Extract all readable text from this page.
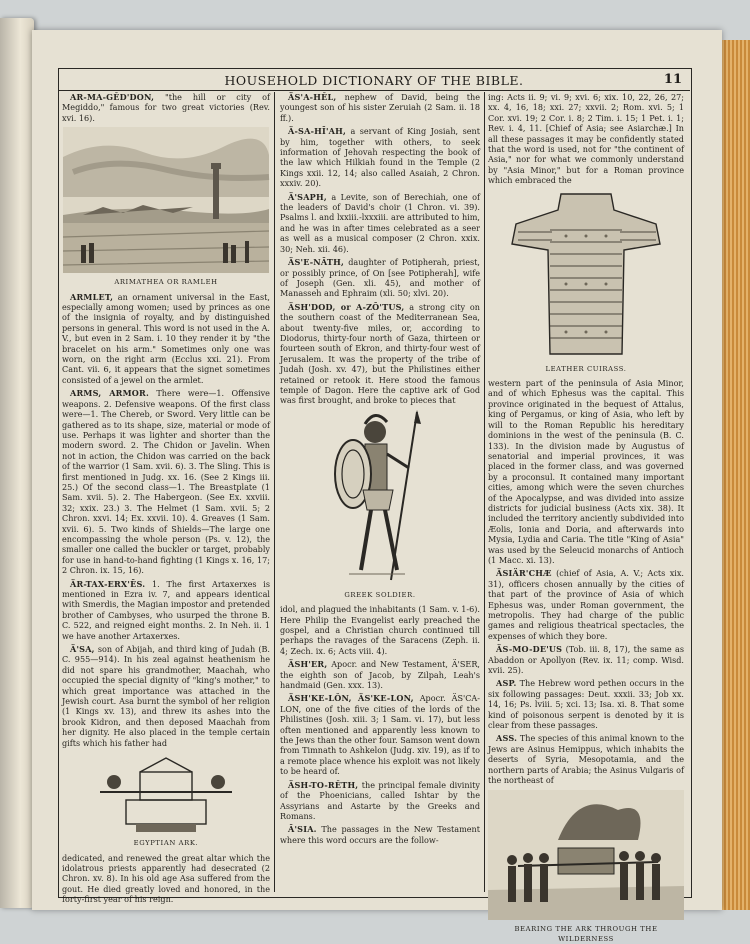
HOUSEHOLD DICTIONARY OF THE BIBLE.	11

AR-MA-GĔD'DON, "the hill or city of Megiddo," famous for two great victories (Rev. xvi. 16).

ARIMATHEA OR RAMLEH

ARMLET, an ornament universal in the East, especially among women; used by princes as one of the insignia of royalty, and by distinguished persons in general. This word is not used in the A. V., but even in 2 Sam. i. 10 they render it by "the bracelet on his arm." Sometimes only one was worn, on the right arm (Ecclus xxi. 21). From Cant. vii. 6, it appears that the signet sometimes consisted of a jewel on the armlet.

ARMS, ARMOR. There were—1. Offensive weapons. 2. Defensive weapons. Of the first class were—1. The Chereb, or Sword. Very little can be gathered as to its shape, size, material or mode of use. Perhaps it was lighter and shorter than the modern sword. 2. The Chidon or Javelin. When not in action, the Chidon was carried on the back of the warrior (1 Sam. xvii. 6). 3. The Sling. This is first mentioned in Judg. xx. 16. (See 2 Kings iii. 25.) Of the second class—1. The Breastplate (1 Sam. xvii. 5). 2. The Habergeon. (See Ex. xxviii. 32; xxix. 23.) 3. The Helmet (1 Sam. xvii. 5; 2 Chron. xxvi. 14; Ex. xxvii. 10). 4. Greaves (1 Sam. xvii. 6). 5. Two kinds of Shields—The large one encompassing the whole person (Ps. v. 12), the smaller one called the buckler or target, probably for use in hand-to-hand fighting (1 Kings x. 16, 17; 2 Chron. ix. 15, 16).

ÄR-TAX-ERX'ĒS. 1. The first Artaxerxes is mentioned in Ezra iv. 7, and appears identical with Smerdis, the Magian impostor and pretended brother of Cambyses, who usurped the throne B. C. 522, and reigned eight months. 2. In Neh. ii. 1 we have another Artaxerxes.

Ä'SA, son of Abijah, and third king of Judah (B. C. 955—914). In his zeal against heathenism he did not spare his grandmother, Maachah, who occupied the special dignity of "king's mother," to which great importance was attached in the Jewish court. Asa burnt the symbol of her religion (1 Kings xv. 13), and threw its ashes into the brook Kidron, and then deposed Maachah from her dignity. He also placed in the temple certain gifts which his father had

EGYPTIAN ARK.

dedicated, and renewed the great altar which the idolatrous priests apparently had desecrated (2 Chron. xv. 8). In his old age Asa suffered from the gout. He died greatly loved and honored, in the forty-first year of his reign.

ÄS'A-HĔL, nephew of David, being the youngest son of his sister Zeruiah (2 Sam. ii. 18 ff.).

Ä-SA-HĪ'AH, a servant of King Josiah, sent by him, together with others, to seek information of Jehovah respecting the book of the law which Hilkiah found in the Temple (2 Kings xxii. 12, 14; also called Asaiah, 2 Chron. xxxiv. 20).

Ä'SAPH, a Levite, son of Berechiah, one of the leaders of David's choir (1 Chron. vi. 39). Psalms l. and lxxiii.-lxxxiii. are attributed to him, and he was in after times celebrated as a seer as well as a musical composer (2 Chron. xxix. 30; Neh. xii. 46).

ÄS'E-NĀTH, daughter of Potipherah, priest, or possibly prince, of On [see Potipherah], wife of Joseph (Gen. xli. 45), and mother of Manasseh and Ephraim (xli. 50; xlvi. 20).

ÄSH'DOD, or A-ZŌ'TUS, a strong city on the southern coast of the Mediterranean Sea, about twenty-five miles, or, according to Diodorus, thirty-four north of Gaza, thirteen or fourteen south of Ekron, and thirty-four west of Jerusalem. It was the property of the tribe of Judah (Josh. xv. 47), but the Philistines either retained or retook it. Here stood the famous temple of Dagon. Here the captive ark of God was first brought, and broke to pieces that

GREEK SOLDIER.

idol, and plagued the inhabitants (1 Sam. v. 1-6). Here Philip the Evangelist early preached the gospel, and a Christian church continued till perhaps the ravages of the Saracens (Zeph. ii. 4; Zech. ix. 6; Acts viii. 4).

ÄSH'ER, Apocr. and New Testament, Ä'SER, the eighth son of Jacob, by Zilpah, Leah's handmaid (Gen. xxx. 13).

ÄSH'KE-LŎN, ÄS'KE-LON, Apocr. ÄS'CA-LON, one of the five cities of the lords of the Philistines (Josh. xiii. 3; 1 Sam. vi. 17), but less often mentioned and apparently less known to the Jews than the other four. Samson went down from Timnath to Ashkelon (Judg. xiv. 19), as if to a remote place whence his exploit was not likely to be heard of.

ÄSH-TO-RĔTH, the principal female divinity of the Phoenicians, called Ishtar by the Assyrians and Astarte by the Greeks and Romans.

Ā'SIA. The passages in the New Testament where this word occurs are the follow-

ing: Acts ii. 9; vi. 9; xvi. 6; xix. 10, 22, 26, 27; xx. 4, 16, 18; xxi. 27; xxvii. 2; Rom. xvi. 5; 1 Cor. xvi. 19; 2 Cor. i. 8; 2 Tim. i. 15; 1 Pet. i. 1; Rev. i. 4, 11. [Chief of Asia; see Asiarchæ.] In all these passages it may be confidently stated that the word is used, not for "the continent of Asia," nor for what we commonly understand by "Asia Minor," but for a Roman province which embraced the

LEATHER CUIRASS.

western part of the peninsula of Asia Minor, and of which Ephesus was the capital. This province originated in the bequest of Attalus, king of Pergamus, or king of Asia, who left by will to the Roman Republic his hereditary dominions in the west of the peninsula (B. C. 133). In the division made by Augustus of senatorial and imperial provinces, it was placed in the former class, and was governed by a proconsul. It contained many important cities, among which were the seven churches of the Apocalypse, and was divided into assize districts for judicial business (Acts xix. 38). It included the territory anciently subdivided into Æolis, Ionia and Doria, and afterwards into Mysia, Lydia and Caria. The title "King of Asia" was used by the Seleucid monarchs of Antioch (1 Macc. xi. 13).

ÄSIÄR'CHÆ (chief of Asia, A. V.; Acts xix. 31), officers chosen annually by the cities of that part of the province of Asia of which Ephesus was, under Roman government, the metropolis. They had charge of the public games and religious theatrical spectacles, the expenses of which they bore.

ÄS-MO-DE'US (Tob. iii. 8, 17), the same as Abaddon or Apollyon (Rev. ix. 11; comp. Wisd. xvii. 25).

ASP. The Hebrew word pethen occurs in the six following passages: Deut. xxxii. 33; Job xx. 14, 16; Ps. lviii. 5; xci. 13; Isa. xi. 8. That some kind of poisonous serpent is denoted by it is clear from these passages.

ASS. The species of this animal known to the Jews are Asinus Hemippus, which inhabits the deserts of Syria, Mesopotamia, and the northern parts of Arabia; the Asinus Vulgaris of the northeast of

BEARING THE ARK THROUGH THE WILDERNESS
